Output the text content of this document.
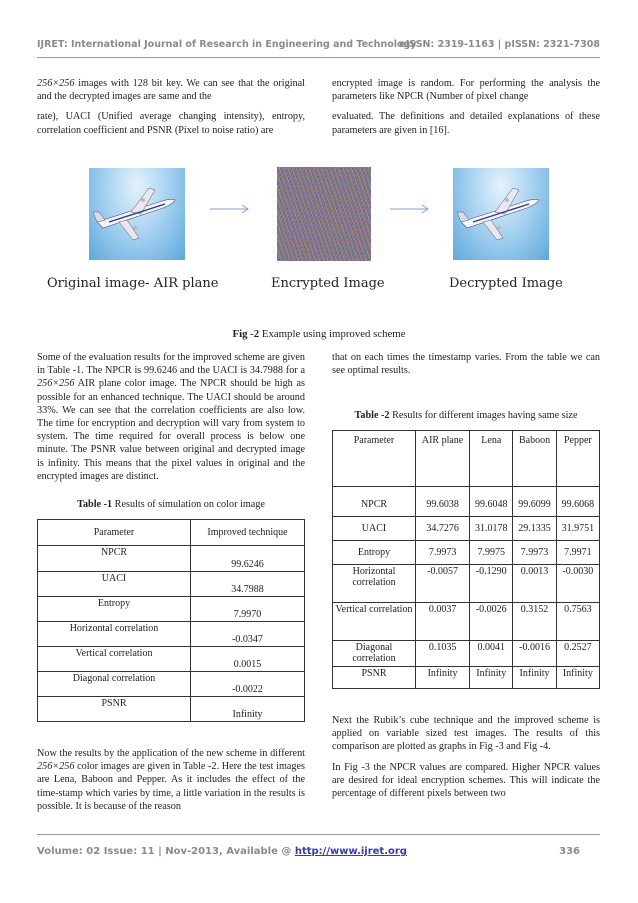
IJRET: International Journal of Research in Engineering and Technology
eISSN: 2319-1163 | pISSN: 2321-7308

256×256 images with 128 bit key. We can see that the original and the decrypted images are same and the

rate), UACI (Unified average changing intensity), entropy, correlation coefficient and PSNR (Pixel to noise ratio) are

encrypted image is random. For performing the analysis the parameters like NPCR (Number of pixel change

evaluated. The definitions and detailed explanations of these parameters are given in [16].

Original image- AIR plane	Encrypted Image	Decrypted Image
Fig -2 Example using improved scheme

Some of the evaluation results for the improved scheme are given in Table -1. The NPCR is 99.6246 and the UACI is 34.7988 for a 256×256 AIR plane color image. The NPCR should be high as possible for an enhanced technique. The UACI should be around 33%. We can see that the correlation coefficients are also low. The time for encryption and decryption will vary from system to system. The time required for overall process is below one minute. The PSNR value between original and decrypted image is infinity. This means that the pixel values in original and the encrypted images are distinct.

Table -1 Results of simulation on color image
Parameter	Improved technique
NPCR	99.6246
UACI	34.7988
Entropy	7.9970
Horizontal correlation	-0.0347
Vertical correlation	0.0015
Diagonal correlation	-0.0022
PSNR	Infinity

Now the results by the application of the new scheme in different 256×256 color images are given in Table -2. Here the test images are Lena, Baboon and Pepper. As it includes the effect of the time-stamp which varies by time, a little variation in the results is possible. It is because of the reason

that on each times the timestamp varies. From the table we can see optimal results.

Table -2 Results for different images having same size
Parameter	AIR plane	Lena	Baboon	Pepper
NPCR	99.6038	99.6048	99.6099	99.6068
UACI	34.7276	31.0178	29.1335	31.9751
Entropy	7.9973	7.9975	7.9973	7.9971
Horizontal correlation	-0.0057	-0.1290	0.0013	-0.0030
Vertical correlation	0.0037	-0.0026	0.3152	0.7563
Diagonal correlation	0.1035	0.0041	-0.0016	0.2527
PSNR	Infinity	Infinity	Infinity	Infinity

Next the Rubik’s cube technique and the improved scheme is applied on variable sized test images. The results of this comparison are plotted as graphs in Fig -3 and Fig -4.

In Fig -3 the NPCR values are compared. Higher NPCR values are desired for ideal encryption schemes. This will indicate the percentage of different pixels between two

Volume: 02 Issue: 11 | Nov-2013, Available @ http://www.ijret.org	336
